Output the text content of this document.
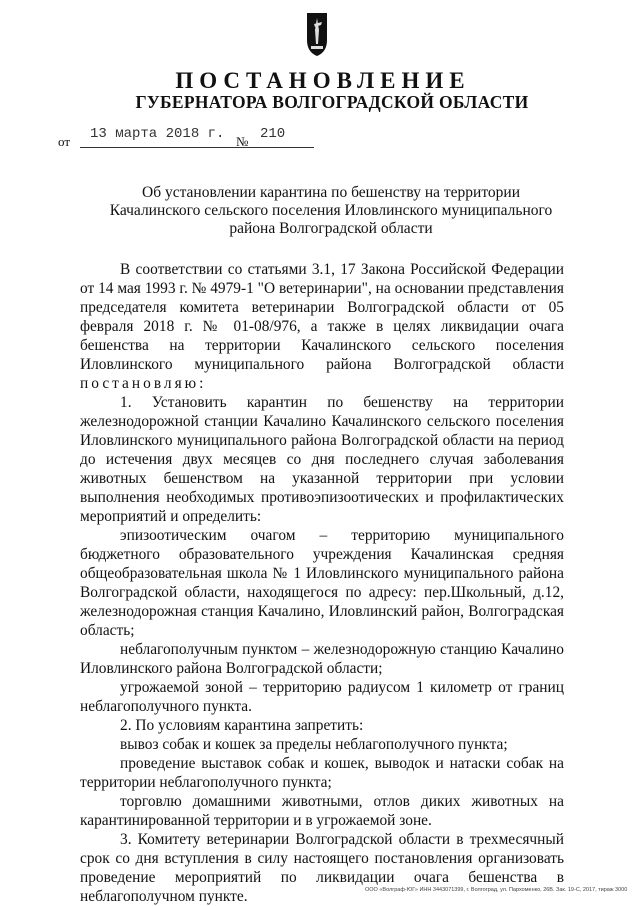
ПОСТАНОВЛЕНИЕ
ГУБЕРНАТОРА ВОЛГОГРАДСКОЙ ОБЛАСТИ
от 13 марта 2018 г. № 210
Об установлении карантина по бешенству на территории Качалинского сельского поселения Иловлинского муниципального района Волгоградской области

В соответствии со статьями 3.1, 17 Закона Российской Федерации от 14 мая 1993 г. № 4979-1 "О ветеринарии", на основании представления председателя комитета ветеринарии Волгоградской области от 05 февраля 2018 г. № 01-08/976, а также в целях ликвидации очага бешенства на территории Качалинского сельского поселения Иловлинского муниципального района Волгоградской области постановляю:

1. Установить карантин по бешенству на территории железнодорожной станции Качалино Качалинского сельского поселения Иловлинского муниципального района Волгоградской области на период до истечения двух месяцев со дня последнего случая заболевания животных бешенством на указанной территории при условии выполнения необходимых противоэпизоотических и профилактических мероприятий и определить:

эпизоотическим очагом – территорию муниципального бюджетного образовательного учреждения Качалинская средняя общеобразовательная школа № 1 Иловлинского муниципального района Волгоградской области, находящегося по адресу: пер.Школьный, д.12, железнодорожная станция Качалино, Иловлинский район, Волгоградская область;

неблагополучным пунктом – железнодорожную станцию Качалино Иловлинского района Волгоградской области;

угрожаемой зоной – территорию радиусом 1 километр от границ неблагополучного пункта.

2. По условиям карантина запретить:

вывоз собак и кошек за пределы неблагополучного пункта;

проведение выставок собак и кошек, выводок и натаски собак на территории неблагополучного пункта;

торговлю домашними животными, отлов диких животных на карантинированной территории и в угрожаемой зоне.

3. Комитету ветеринарии Волгоградской области в трехмесячный срок со дня вступления в силу настоящего постановления организовать проведение мероприятий по ликвидации очага бешенства в неблагополучном пункте.	ООО «Волграф-ЮГ» ИНН 3443071399, г. Волгоград, ул. Пархоменко, 26В. Зак. 19-С, 2017, тираж 3000
